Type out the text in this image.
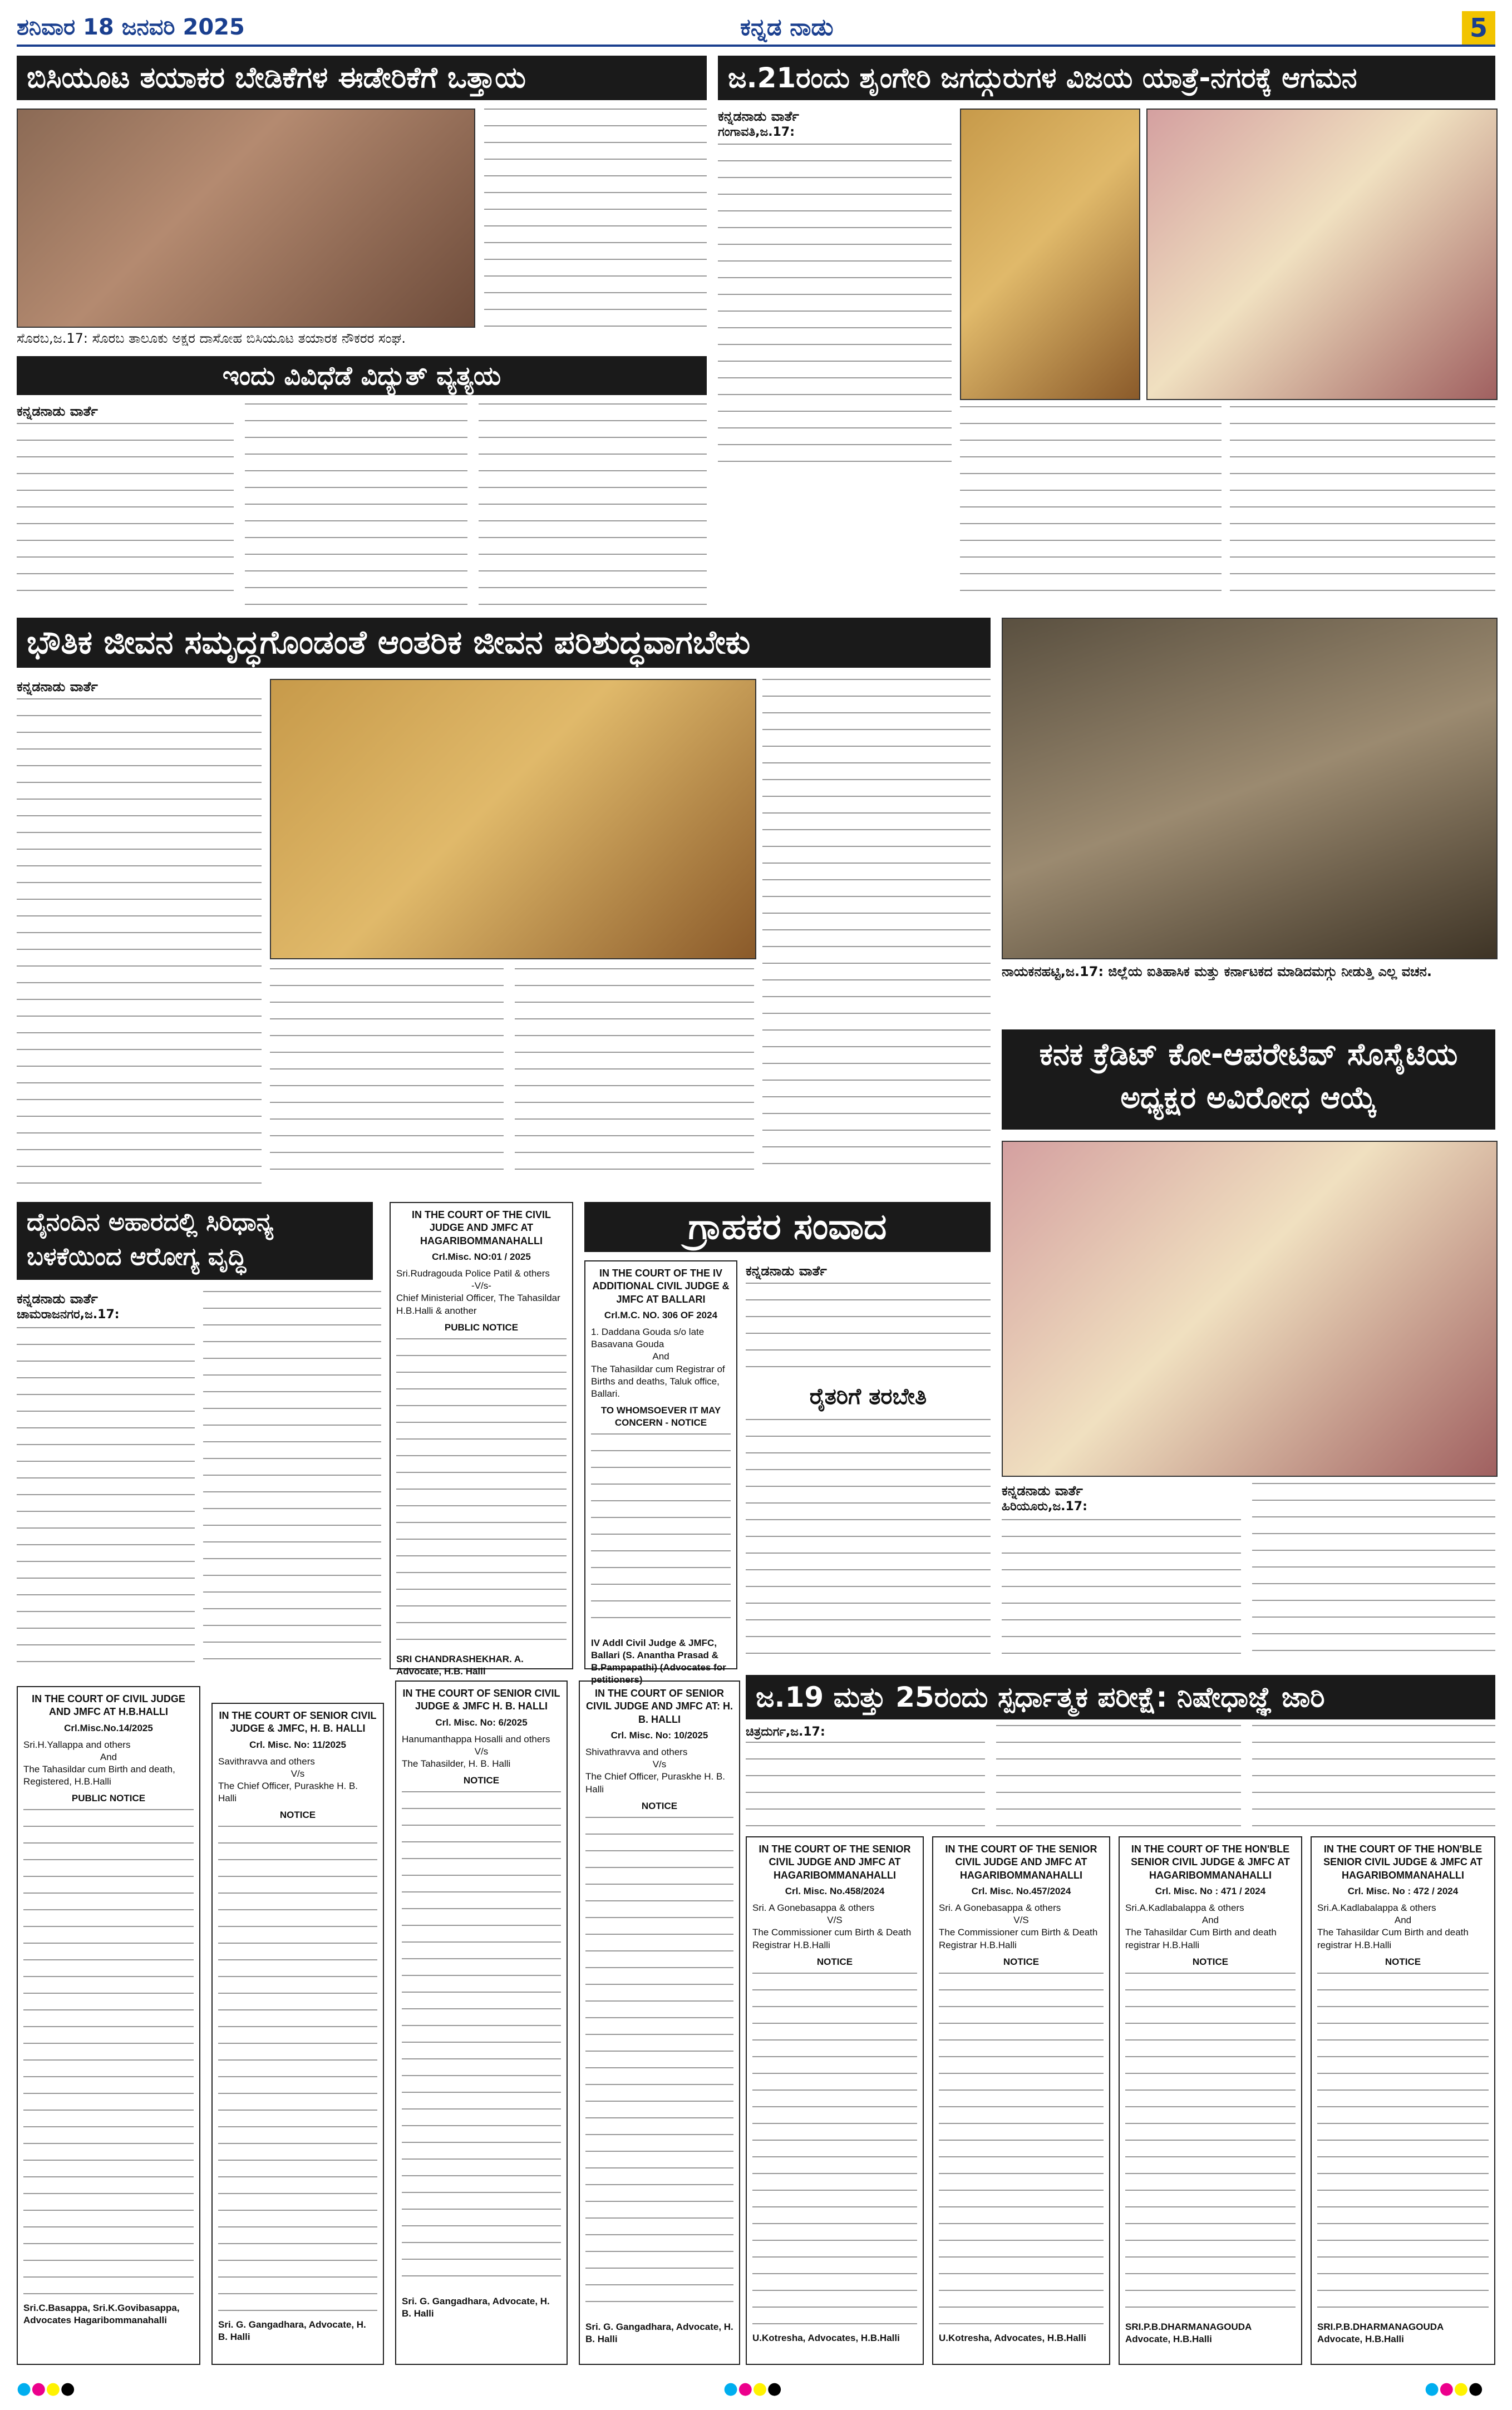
ಶನಿವಾರ 18 ಜನವರಿ 2025	ಕನ್ನಡ ನಾಡು	5
ಬಿಸಿಯೂಟ ತಯಾಕರ ಬೇಡಿಕೆಗಳ ಈಡೇರಿಕೆಗೆ ಒತ್ತಾಯ
ಸೊರಬ,ಜ.17: ಸೊರಬ ತಾಲೂಕು ಅಕ್ಷರ ದಾಸೋಹ ಬಿಸಿಯೂಟ ತಯಾರಕ ನೌಕರರ ಸಂಘ.
ಇಂದು ವಿವಿಧೆಡೆ ವಿದ್ಯುತ್ ವ್ಯತ್ಯಯ
ಕನ್ನಡನಾಡು ವಾರ್ತೆ
ಜ.21ರಂದು ಶೃಂಗೇರಿ ಜಗದ್ಗುರುಗಳ ವಿಜಯ ಯಾತ್ರೆ-ನಗರಕ್ಕೆ ಆಗಮನ
ಕನ್ನಡನಾಡು ವಾರ್ತೆ
ಗಂಗಾವತಿ,ಜ.17:
ಭೌತಿಕ ಜೀವನ ಸಮೃದ್ಧಗೊಂಡಂತೆ ಆಂತರಿಕ ಜೀವನ ಪರಿಶುದ್ಧವಾಗಬೇಕು
ಕನ್ನಡನಾಡು ವಾರ್ತೆ
ನಾಯಕನಹಟ್ಟಿ,ಜ.17: ಜಿಲ್ಲೆಯ ಐತಿಹಾಸಿಕ ಮತ್ತು ಕರ್ನಾಟಕದ ಮಾಡಿದಮಗ್ಗು ನೀಡುತ್ತಿ ಎಲ್ಲ ವಚನ.
ಕನಕ ಕ್ರೆಡಿಟ್ ಕೋ-ಆಪರೇಟಿವ್ ಸೊಸೈಟಿಯ ಅಧ್ಯಕ್ಷರ ಅವಿರೋಧ ಆಯ್ಕೆ
ದೈನಂದಿನ ಅಹಾರದಲ್ಲಿ ಸಿರಿಧಾನ್ಯ ಬಳಕೆಯಿಂದ ಆರೋಗ್ಯ ವೃದ್ಧಿ
ಕನ್ನಡನಾಡು ವಾರ್ತೆ
ಚಾಮರಾಜನಗರ,ಜ.17:
ಗ್ರಾಹಕರ ಸಂವಾದ
ಕನ್ನಡನಾಡು ವಾರ್ತೆ
ರೈತರಿಗೆ ತರಬೇತಿ
ಕನ್ನಡನಾಡು ವಾರ್ತೆ
ಹಿರಿಯೂರು,ಜ.17:
IN THE COURT OF THE CIVIL JUDGE AND JMFC AT HAGARIBOMMANAHALLI
Crl.Misc. NO:01 / 2025
Sri.Rudragouda Police Patil & others
-V/s-
Chief Ministerial Officer, The Tahasildar H.B.Halli & another
PUBLIC NOTICE
SRI CHANDRASHEKHAR. A. Advocate, H.B. Halli
IN THE COURT OF THE IV ADDITIONAL CIVIL JUDGE & JMFC AT BALLARI
Crl.M.C. NO. 306 OF 2024
1. Daddana Gouda s/o late Basavana Gouda
And
The Tahasildar cum Registrar of Births and deaths, Taluk office, Ballari.
TO WHOMSOEVER IT MAY CONCERN - NOTICE
IV Addl Civil Judge & JMFC, Ballari (S. Anantha Prasad & B.Pampapathi) (Advocates for petitioners)
ಜ.19 ಮತ್ತು 25ರಂದು ಸ್ಪರ್ಧಾತ್ಮಕ ಪರೀಕ್ಷೆ: ನಿಷೇಧಾಜ್ಞೆ ಜಾರಿ
ಚಿತ್ರದುರ್ಗ,ಜ.17:
IN THE COURT OF CIVIL JUDGE AND JMFC AT H.B.HALLI
Crl.Misc.No.14/2025
Sri.H.Yallappa and others
And
The Tahasildar cum Birth and death, Registered, H.B.Halli
PUBLIC NOTICE
Sri.C.Basappa, Sri.K.Govibasappa, Advocates Hagaribommanahalli
IN THE COURT OF SENIOR CIVIL JUDGE & JMFC, H. B. HALLI
Crl. Misc. No: 11/2025
Savithravva and others
V/s
The Chief Officer, Puraskhe H. B. Halli
NOTICE
Sri. G. Gangadhara, Advocate, H. B. Halli
IN THE COURT OF SENIOR CIVIL JUDGE & JMFC H. B. HALLI
Crl. Misc. No: 6/2025
Hanumanthappa Hosalli and others
V/s
The Tahasilder, H. B. Halli
NOTICE
Sri. G. Gangadhara, Advocate, H. B. Halli
IN THE COURT OF SENIOR CIVIL JUDGE AND JMFC AT: H. B. HALLI
Crl. Misc. No: 10/2025
Shivathravva and others
V/s
The Chief Officer, Puraskhe H. B. Halli
NOTICE
Sri. G. Gangadhara, Advocate, H. B. Halli
IN THE COURT OF THE SENIOR CIVIL JUDGE AND JMFC AT HAGARIBOMMANAHALLI
Crl. Misc. No.458/2024
Sri. A Gonebasappa & others
V/S
The Commissioner cum Birth & Death Registrar H.B.Halli
NOTICE
U.Kotresha, Advocates, H.B.Halli
IN THE COURT OF THE SENIOR CIVIL JUDGE AND JMFC AT HAGARIBOMMANAHALLI
Crl. Misc. No.457/2024
Sri. A Gonebasappa & others
V/S
The Commissioner cum Birth & Death Registrar H.B.Halli
NOTICE
U.Kotresha, Advocates, H.B.Halli
IN THE COURT OF THE HON'BLE SENIOR CIVIL JUDGE & JMFC AT HAGARIBOMMANAHALLI
Crl. Misc. No : 471 / 2024
Sri.A.Kadlabalappa & others
And
The Tahasildar Cum Birth and death registrar H.B.Halli
NOTICE
SRI.P.B.DHARMANAGOUDA Advocate, H.B.Halli
IN THE COURT OF THE HON'BLE SENIOR CIVIL JUDGE & JMFC AT HAGARIBOMMANAHALLI
Crl. Misc. No : 472 / 2024
Sri.A.Kadlabalappa & others
And
The Tahasildar Cum Birth and death registrar H.B.Halli
NOTICE
SRI.P.B.DHARMANAGOUDA Advocate, H.B.Halli
●●●●	●●●●	●●●●
